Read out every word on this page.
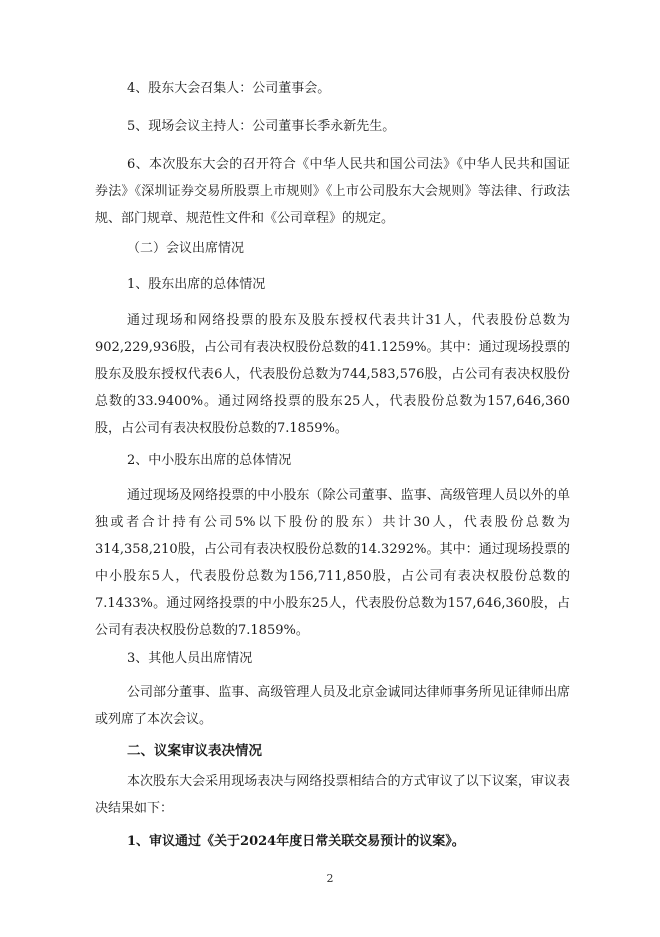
4、股东大会召集人：公司董事会。

5、现场会议主持人：公司董事长季永新先生。

6、本次股东大会的召开符合《中华人民共和国公司法》《中华人民共和国证券法》《深圳证券交易所股票上市规则》《上市公司股东大会规则》等法律、行政法规、部门规章、规范性文件和《公司章程》的规定。

（二）会议出席情况

1、股东出席的总体情况

通过现场和网络投票的股东及股东授权代表共计31人，代表股份总数为902,229,936股，占公司有表决权股份总数的41.1259%。其中：通过现场投票的股东及股东授权代表6人，代表股份总数为744,583,576股，占公司有表决权股份总数的33.9400%。通过网络投票的股东25人，代表股份总数为157,646,360股，占公司有表决权股份总数的7.1859%。

2、中小股东出席的总体情况

通过现场及网络投票的中小股东（除公司董事、监事、高级管理人员以外的单独或者合计持有公司5%以下股份的股东）共计30人，代表股份总数为314,358,210股，占公司有表决权股份总数的14.3292%。其中：通过现场投票的中小股东5人，代表股份总数为156,711,850股，占公司有表决权股份总数的7.1433%。通过网络投票的中小股东25人，代表股份总数为157,646,360股，占公司有表决权股份总数的7.1859%。

3、其他人员出席情况

公司部分董事、监事、高级管理人员及北京金诚同达律师事务所见证律师出席或列席了本次会议。

二、议案审议表决情况

本次股东大会采用现场表决与网络投票相结合的方式审议了以下议案，审议表决结果如下：

1、审议通过《关于2024年度日常关联交易预计的议案》。

2
